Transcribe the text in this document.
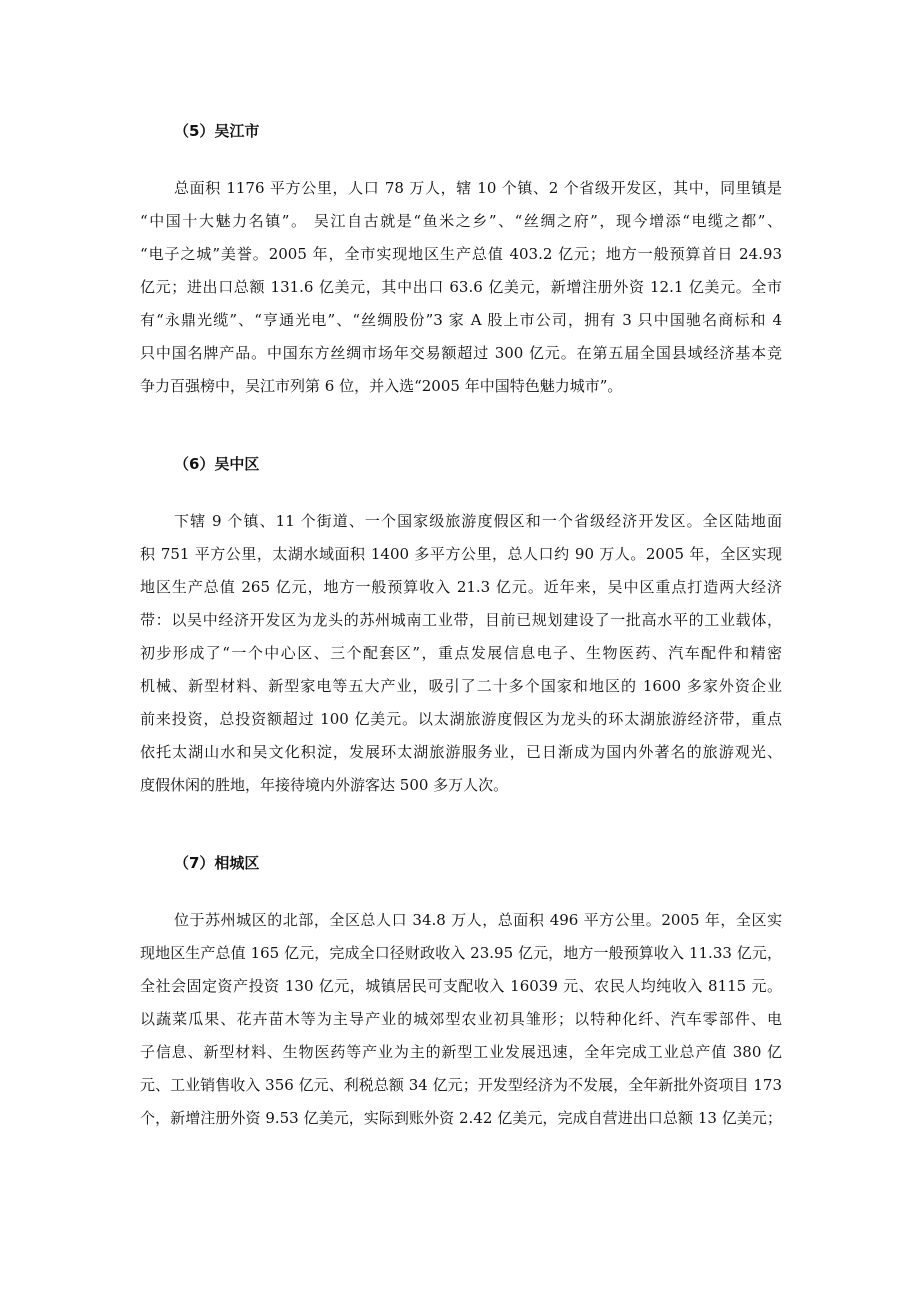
（5）吴江市
总面积 1176 平方公里，人口 78 万人，辖 10 个镇、2 个省级开发区，其中，同里镇是
“中国十大魅力名镇”。 吴江自古就是“鱼米之乡”、“丝绸之府”，现今增添“电缆之都”、
“电子之城”美誉。2005 年，全市实现地区生产总值 403.2 亿元；地方一般预算首日 24.93
亿元；进出口总额 131.6 亿美元，其中出口 63.6 亿美元，新增注册外资 12.1 亿美元。全市
有“永鼎光缆”、“亨通光电”、“丝绸股份”3 家 A 股上市公司，拥有 3 只中国驰名商标和 4
只中国名牌产品。中国东方丝绸市场年交易额超过 300 亿元。在第五届全国县域经济基本竞
争力百强榜中，吴江市列第 6 位，并入选“2005 年中国特色魅力城市”。
（6）吴中区
下辖 9 个镇、11 个街道、一个国家级旅游度假区和一个省级经济开发区。全区陆地面
积 751 平方公里，太湖水域面积 1400 多平方公里，总人口约 90 万人。2005 年，全区实现
地区生产总值 265 亿元，地方一般预算收入 21.3 亿元。近年来，吴中区重点打造两大经济
带：以吴中经济开发区为龙头的苏州城南工业带，目前已规划建设了一批高水平的工业载体，
初步形成了“一个中心区、三个配套区”，重点发展信息电子、生物医药、汽车配件和精密
机械、新型材料、新型家电等五大产业，吸引了二十多个国家和地区的 1600 多家外资企业
前来投资，总投资额超过 100 亿美元。以太湖旅游度假区为龙头的环太湖旅游经济带，重点
依托太湖山水和吴文化积淀，发展环太湖旅游服务业，已日渐成为国内外著名的旅游观光、
度假休闲的胜地，年接待境内外游客达 500 多万人次。
（7）相城区
位于苏州城区的北部，全区总人口 34.8 万人，总面积 496 平方公里。2005 年，全区实
现地区生产总值 165 亿元，完成全口径财政收入 23.95 亿元，地方一般预算收入 11.33 亿元，
全社会固定资产投资 130 亿元，城镇居民可支配收入 16039 元、农民人均纯收入 8115 元。
以蔬菜瓜果、花卉苗木等为主导产业的城郊型农业初具雏形；以特种化纤、汽车零部件、电
子信息、新型材料、生物医药等产业为主的新型工业发展迅速，全年完成工业总产值 380 亿
元、工业销售收入 356 亿元、利税总额 34 亿元；开发型经济为不发展，全年新批外资项目 173
个，新增注册外资 9.53 亿美元，实际到账外资 2.42 亿美元，完成自营进出口总额 13 亿美元；
